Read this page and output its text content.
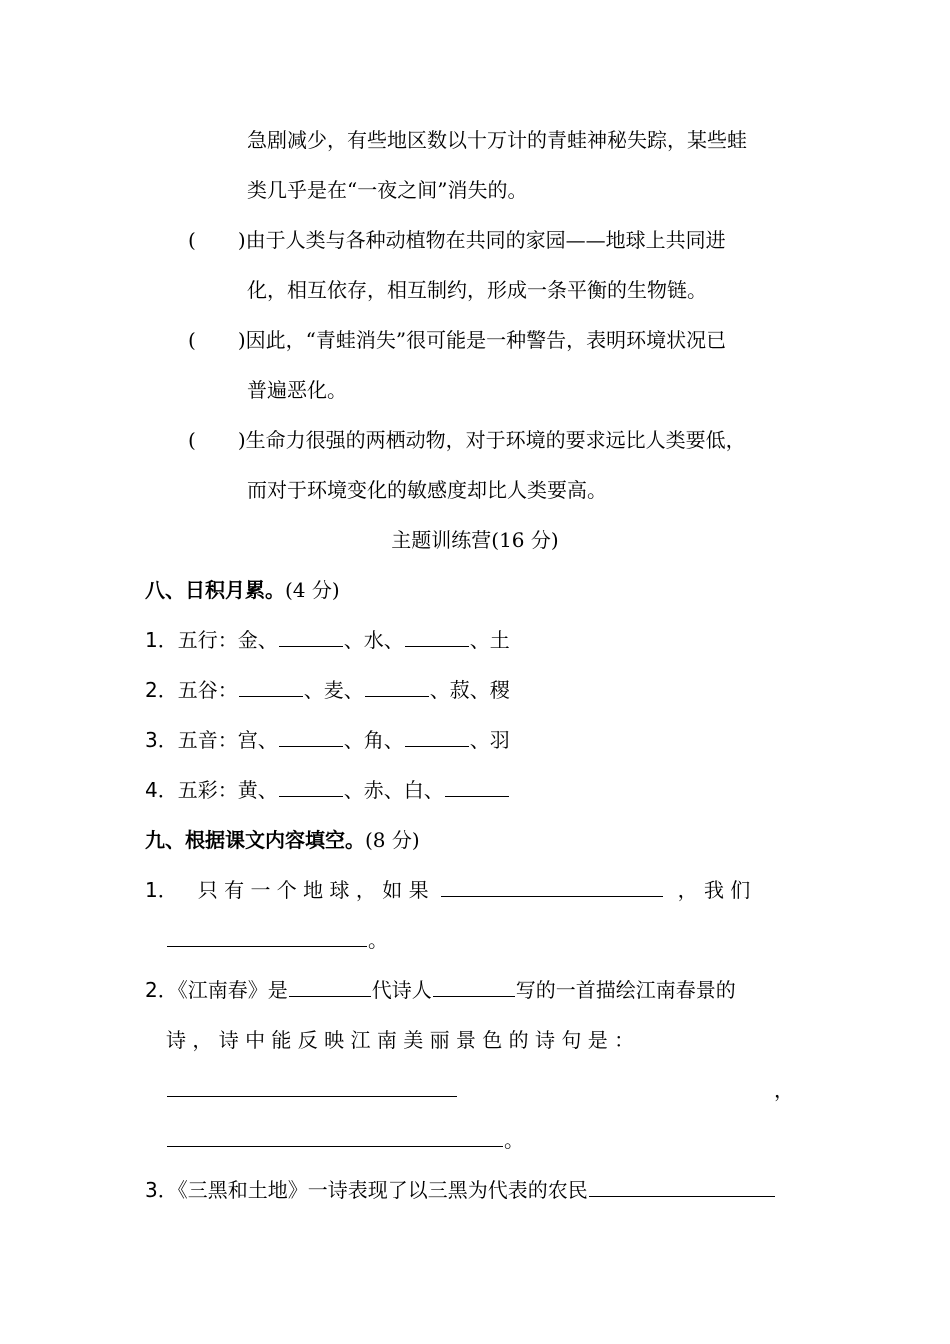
急剧减少，有些地区数以十万计的青蛙神秘失踪，某些蛙
类几乎是在“一夜之间”消失的。
( )由于人类与各种动植物在共同的家园——地球上共同进
化，相互依存，相互制约，形成一条平衡的生物链。
( )因此，“青蛙消失”很可能是一种警告，表明环境状况已
普遍恶化。
( )生命力很强的两栖动物，对于环境的要求远比人类要低，
而对于环境变化的敏感度却比人类要高。
主题训练营(16 分)
八、日积月累。(4 分)
1．五行：金、	、水、	、土
2．五谷：	、麦、	、菽、稷
3．五音：宫、	、角、	、羽
4．五彩：黄、	、赤、白、
九、根据课文内容填空。(8 分)
1． 只 有 一 个 地 球 ， 如 果	， 我 们
。
2．《江南春》是	代诗人	写的一首描绘江南春景的
诗 ， 诗 中 能 反 映 江 南 美 丽 景 色 的 诗 句 是 ：
，
。
3．《三黑和土地》一诗表现了以三黑为代表的农民
